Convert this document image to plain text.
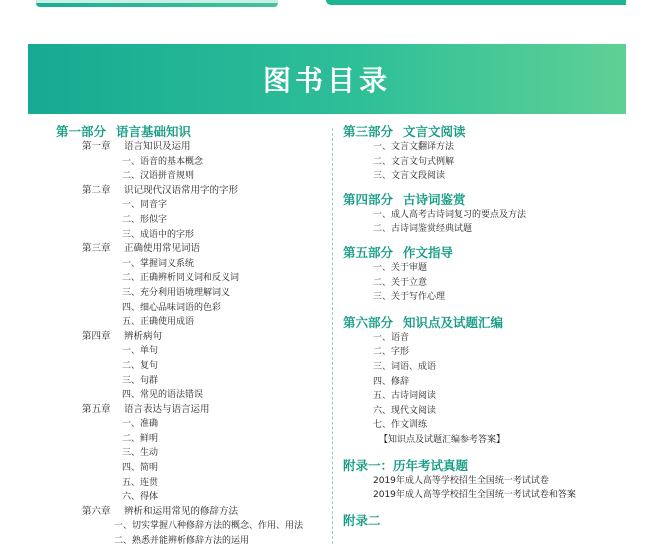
图书目录
第一部分 语言基础知识
第一章 语言知识及运用
一、语音的基本概念
二、汉语拼音规则
第二章 识记现代汉语常用字的字形
一、同音字
二、形似字
三、成语中的字形
第三章 正确使用常见词语
一、掌握词义系统
二、正确辨析同义词和反义词
三、充分利用语境理解词义
四、细心品味词语的色彩
五、正确使用成语
第四章 辨析病句
一、单句
二、复句
三、句群
四、常见的语法错误
第五章 语言表达与语言运用
一、准确
二、鲜明
三、生动
四、简明
五、连贯
六、得体
第六章 辨析和运用常见的修辞方法
一、切实掌握八种修辞方法的概念、作用、用法
二、熟悉并能辨析修辞方法的运用
第三部分 文言文阅读
一、文言文翻译方法
二、文言文句式例解
三、文言文段阅读
第四部分 古诗词鉴赏
一、成人高考古诗词复习的要点及方法
二、古诗词鉴赏经典试题
第五部分 作文指导
一、关于审题
二、关于立意
三、关于写作心理
第六部分 知识点及试题汇编
一、语音
二、字形
三、词语、成语
四、修辞
五、古诗词阅读
六、现代文阅读
七、作文训练
【知识点及试题汇编参考答案】
附录一：历年考试真题
2019年成人高等学校招生全国统一考试试卷
2019年成人高等学校招生全国统一考试试卷和答案
附录二
